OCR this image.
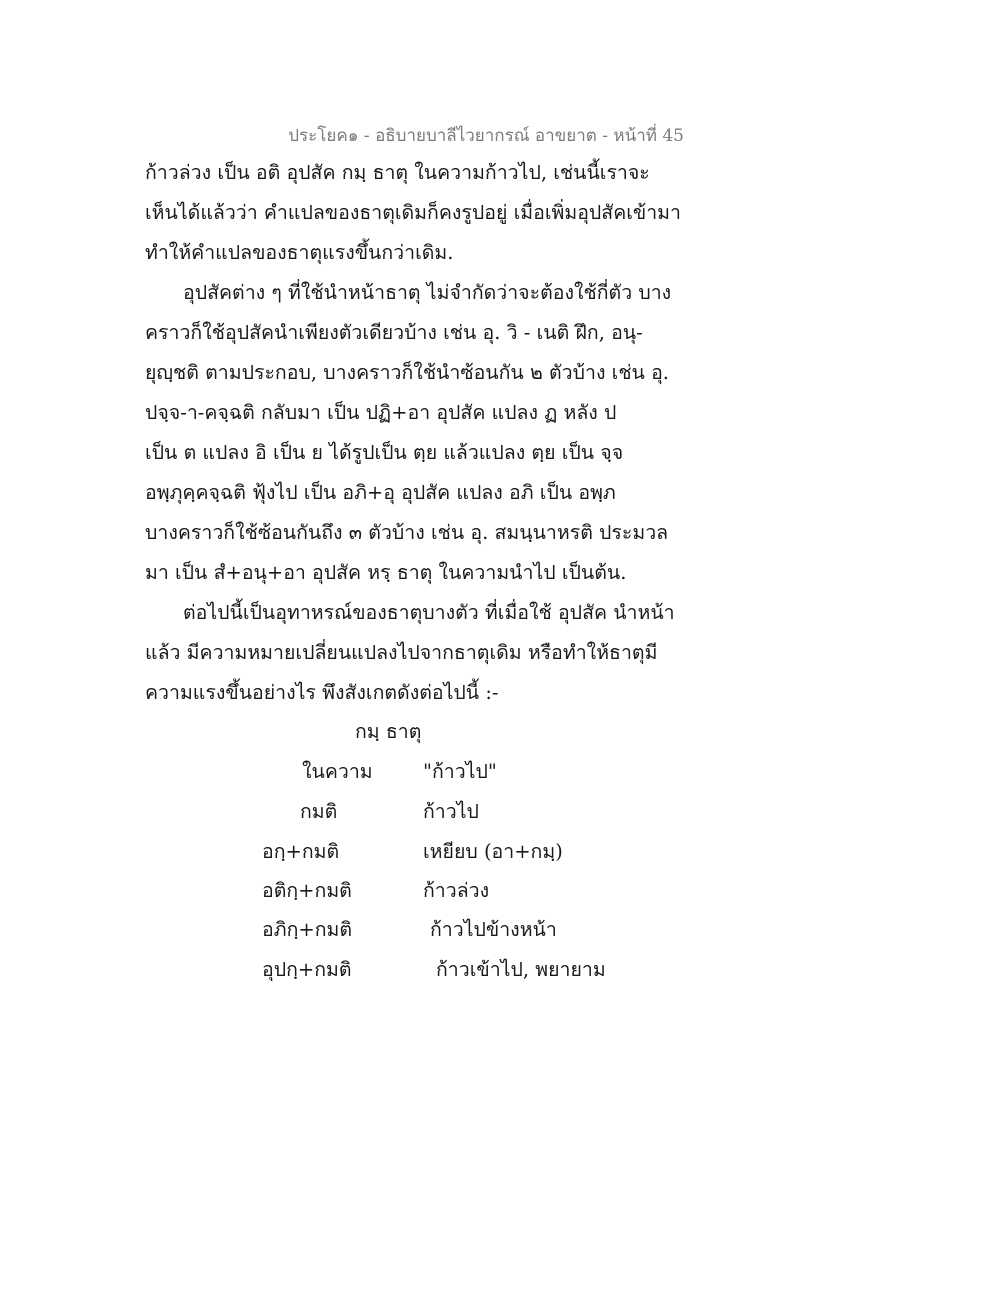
ประโยค๑ - อธิบายบาลีไวยากรณ์ อาขยาต - หน้าที่ 45
ก้าวล่วง เป็น อติ อุปสัค กมฺ ธาตุ ในความก้าวไป, เช่นนี้เราจะ
เห็นได้แล้วว่า คำแปลของธาตุเดิมก็คงรูปอยู่ เมื่อเพิ่มอุปสัคเข้ามา
ทำให้คำแปลของธาตุแรงขึ้นกว่าเดิม.
อุปสัคต่าง ๆ ที่ใช้นำหน้าธาตุ ไม่จำกัดว่าจะต้องใช้กี่ตัว บาง
คราวก็ใช้อุปสัคนำเพียงตัวเดียวบ้าง เช่น อุ. วิ - เนติ ฝึก, อนุ-
ยุญฺชติ ตามประกอบ, บางคราวก็ใช้นำซ้อนกัน ๒ ตัวบ้าง เช่น อุ.
ปจฺจ-า-คจฺฉติ กลับมา เป็น ปฏิ+อา อุปสัค แปลง ฏ หลัง ป
เป็น ต แปลง อิ เป็น ย ได้รูปเป็น ตฺย แล้วแปลง ตฺย เป็น จฺจ
อพฺภุคฺคจฺฉติ ฟุ้งไป เป็น อภิ+อุ อุปสัค แปลง อภิ เป็น อพฺภ
บางคราวก็ใช้ซ้อนกันถึง ๓ ตัวบ้าง เช่น อุ. สมนฺนาหรติ ประมวล
มา เป็น สํ+อนุ+อา อุปสัค หรฺ ธาตุ ในความนำไป เป็นต้น.
ต่อไปนี้เป็นอุทาหรณ์ของธาตุบางตัว ที่เมื่อใช้ อุปสัค นำหน้า
แล้ว มีความหมายเปลี่ยนแปลงไปจากธาตุเดิม หรือทำให้ธาตุมี
ความแรงขึ้นอย่างไร พึงสังเกตดังต่อไปนี้ :-
กมฺ ธาตุ
ในความ	"ก้าวไป"
กมติ	ก้าวไป
อกฺ+กมติ	เหยียบ (อา+กมฺ)
อติกฺ+กมติ	ก้าวล่วง
อภิกฺ+กมติ	ก้าวไปข้างหน้า
อุปกฺ+กมติ	ก้าวเข้าไป, พยายาม
